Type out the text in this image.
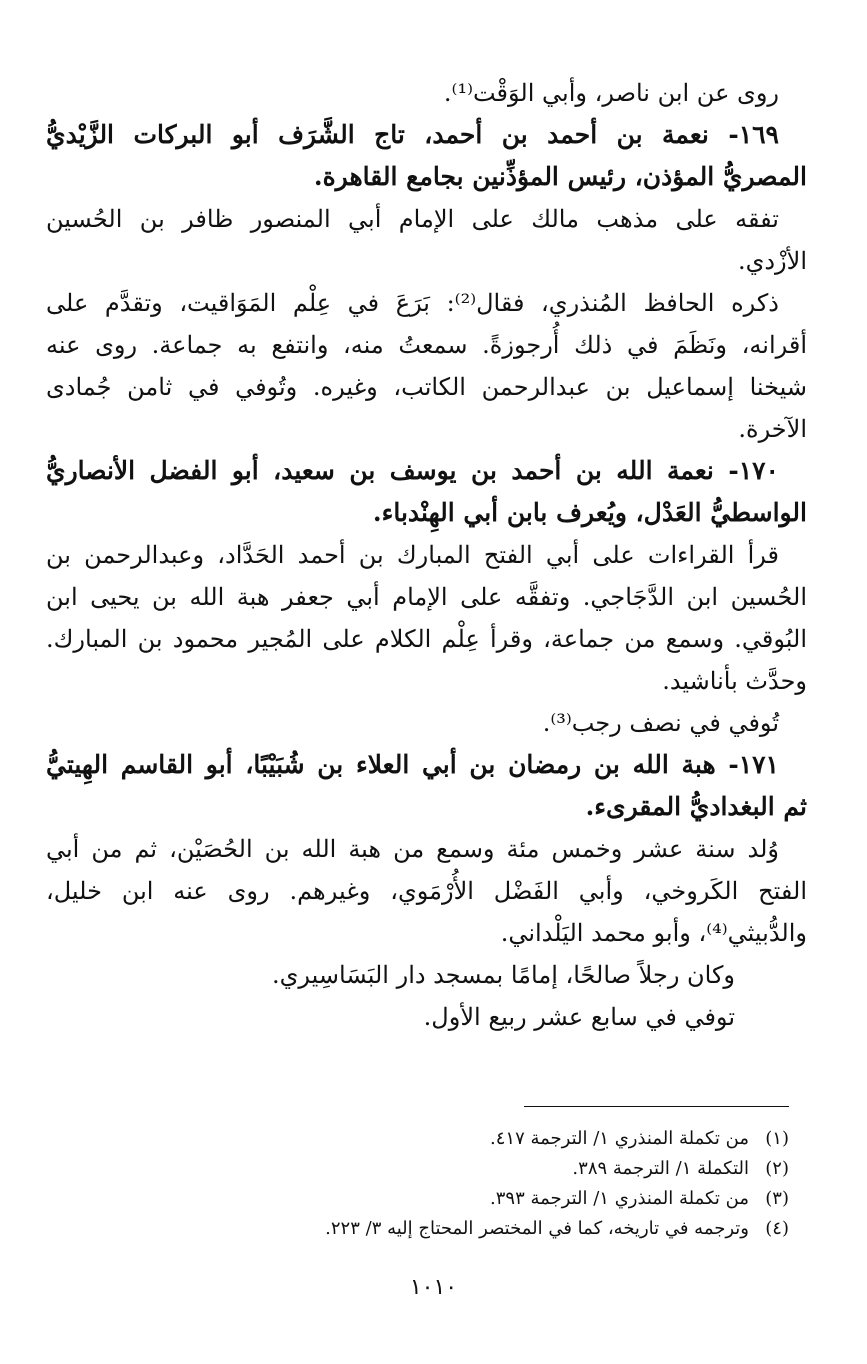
روى عن ابن ناصر، وأبي الوَقْت⁽¹⁾.
١٦٩- نعمة بن أحمد بن أحمد، تاج الشَّرَف أبو البركات الزَّيْديُّ
المصريُّ المؤذن، رئيس المؤذِّنين بجامع القاهرة.
تفقه على مذهب مالك على الإمام أبي المنصور ظافر بن الحُسين
الأزْدي.
ذكره الحافظ المُنذري، فقال⁽²⁾: بَرَعَ في عِلْم المَوَاقيت، وتقدَّم على
أقرانه، ونَظَمَ في ذلك أُرجوزةً. سمعتُ منه، وانتفع به جماعة. روى عنه
شيخنا إسماعيل بن عبدالرحمن الكاتب، وغيره. وتُوفي في ثامن جُمادى
الآخرة.
١٧٠- نعمة الله بن أحمد بن يوسف بن سعيد، أبو الفضل الأنصاريُّ
الواسطيُّ العَدْل، ويُعرف بابن أبي الهِنْدباء.
قرأ القراءات على أبي الفتح المبارك بن أحمد الحَدَّاد، وعبدالرحمن بن
الحُسين ابن الدَّجَاجي. وتفقَّه على الإمام أبي جعفر هبة الله بن يحيى ابن
البُوقي. وسمع من جماعة، وقرأ عِلْم الكلام على المُجير محمود بن المبارك.
وحدَّث بأناشيد.
تُوفي في نصف رجب⁽³⁾.
١٧١- هبة الله بن رمضان بن أبي العلاء بن شُبَيْبًا، أبو القاسم الهِيتيُّ
ثم البغداديُّ المقرىء.
وُلد سنة عشر وخمس مئة وسمع من هبة الله بن الحُصَيْن، ثم من أبي
الفتح الكَروخي، وأبي الفَضْل الأُرْمَوي، وغيرهم. روى عنه ابن خليل،
والدُّبيثي⁽⁴⁾، وأبو محمد اليَلْداني.
وكان رجلاً صالحًا، إمامًا بمسجد دار البَسَاسِيري.
توفي في سابع عشر ربيع الأول.
(١)من تكملة المنذري ١/ الترجمة ٤١٧.
(٢)التكملة ١/ الترجمة ٣٨٩.
(٣)من تكملة المنذري ١/ الترجمة ٣٩٣.
(٤)وترجمه في تاريخه، كما في المختصر المحتاج إليه ٣/ ٢٢٣.
١٠١٠
